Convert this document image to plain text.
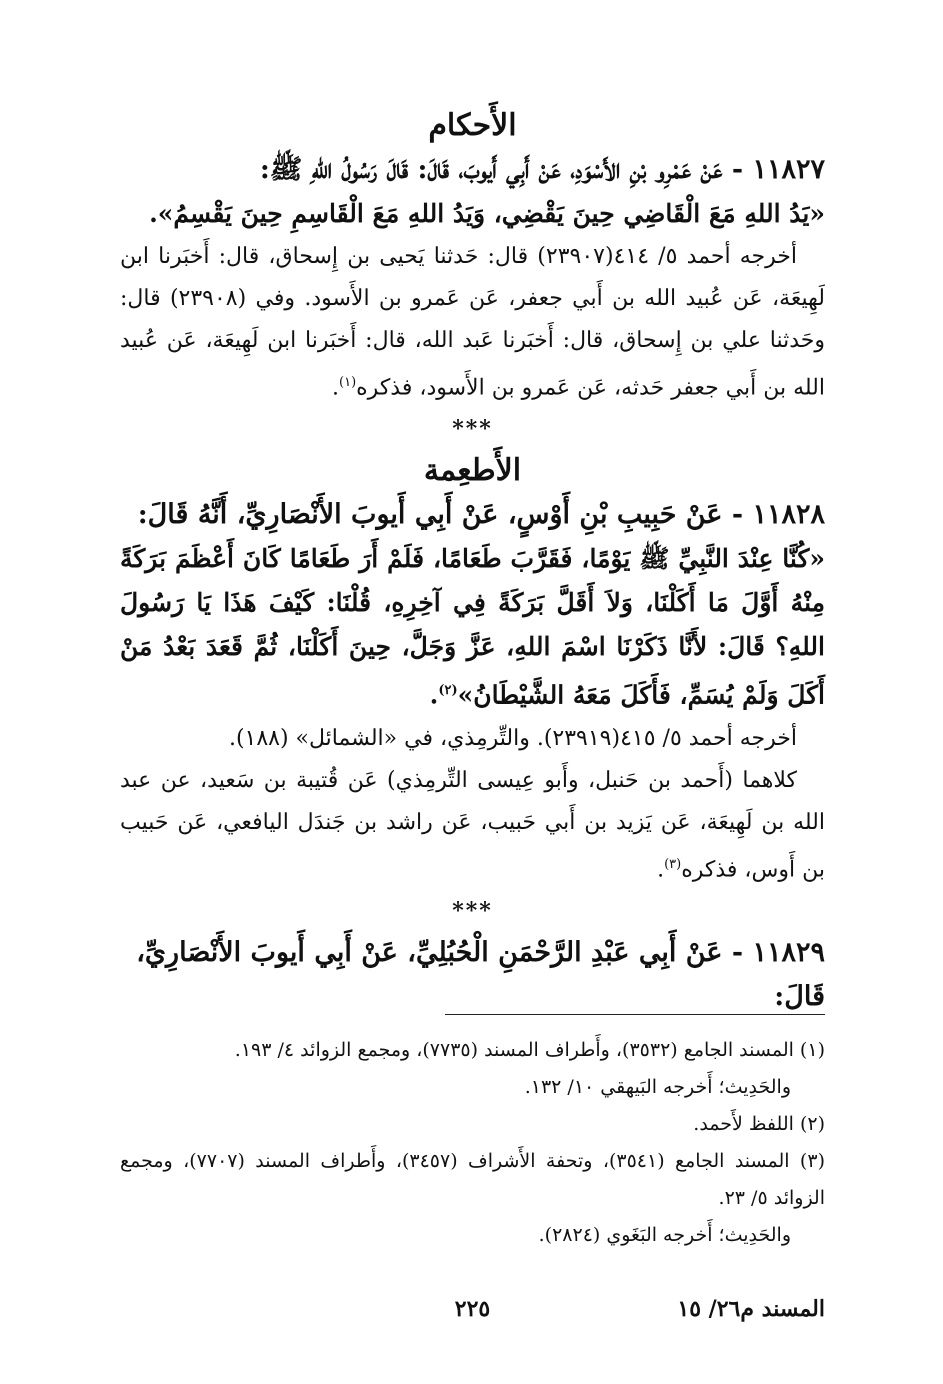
الأَحكام

١١٨٢٧ - عَنْ عَمْرِو بْنِ الأَسْوَدِ، عَنْ أَبِي أَيوبَ، قَالَ: قَالَ رَسُولُ اللهِ ﷺ:

«يَدُ اللهِ مَعَ الْقَاضِي حِينَ يَقْضِي، وَيَدُ اللهِ مَعَ الْقَاسِمِ حِينَ يَقْسِمُ».

أخرجه أحمد ٥/ ٤١٤(٢٣٩٠٧) قال: حَدثنا يَحيى بن إِسحاق، قال: أَخبَرنا ابن لَهِيعَة، عَن عُبيد الله بن أَبي جعفر، عَن عَمرو بن الأَسود. وفي (٢٣٩٠٨) قال: وحَدثنا علي بن إِسحاق، قال: أَخبَرنا عَبد الله، قال: أَخبَرنا ابن لَهِيعَة، عَن عُبيد الله بن أَبي جعفر حَدثه، عَن عَمرو بن الأَسود، فذكره$^{(١)}$.

***

الأَطعِمة

١١٨٢٨ - عَنْ حَبِيبِ بْنِ أَوْسٍ، عَنْ أَبِي أَيوبَ الأَنْصَارِيِّ، أَنَّهُ قَالَ:

«كُنَّا عِنْدَ النَّبِيِّ ﷺ يَوْمًا، فَقَرَّبَ طَعَامًا، فَلَمْ أَرَ طَعَامًا كَانَ أَعْظَمَ بَرَكَةً مِنْهُ أَوَّلَ مَا أَكَلْنَا، وَلاَ أَقَلَّ بَرَكَةً فِي آخِرِهِ، قُلْنَا: كَيْفَ هَذَا يَا رَسُولَ اللهِ؟ قَالَ: لأَنَّا ذَكَرْنَا اسْمَ اللهِ، عَزَّ وَجَلَّ، حِينَ أَكَلْنَا، ثُمَّ قَعَدَ بَعْدُ مَنْ أَكَلَ وَلَمْ يُسَمِّ، فَأَكَلَ مَعَهُ الشَّيْطَانُ»$^{(٢)}$.

أخرجه أحمد ٥/ ٤١٥(٢٣٩١٩). والتِّرمِذي، في «الشمائل» (١٨٨).

كلاهما (أَحمد بن حَنبل، وأَبو عِيسى التِّرمِذي) عَن قُتيبة بن سَعيد، عن عبد الله بن لَهِيعَة، عَن يَزيد بن أَبي حَبيب، عَن راشد بن جَندَل اليافعي، عَن حَبيب بن أَوس، فذكره$^{(٣)}$.

***

١١٨٢٩ - عَنْ أَبِي عَبْدِ الرَّحْمَنِ الْحُبُلِيِّ، عَنْ أَبِي أَيوبَ الأَنْصَارِيِّ، قَالَ:

(١) المسند الجامع (٣٥٣٢)، وأَطراف المسند (٧٧٣٥)، ومجمع الزوائد ٤/ ١٩٣.

والحَدِيث؛ أَخرجه البَيهقي ١٠/ ١٣٢.

(٢) اللفظ لأَحمد.

(٣) المسند الجامع (٣٥٤١)، وتحفة الأَشراف (٣٤٥٧)، وأَطراف المسند (٧٧٠٧)، ومجمع الزوائد ٥/ ٢٣.

والحَدِيث؛ أَخرجه البَغَوي (٢٨٢٤).

المسند م٢٦/ ١٥
٢٢٥
